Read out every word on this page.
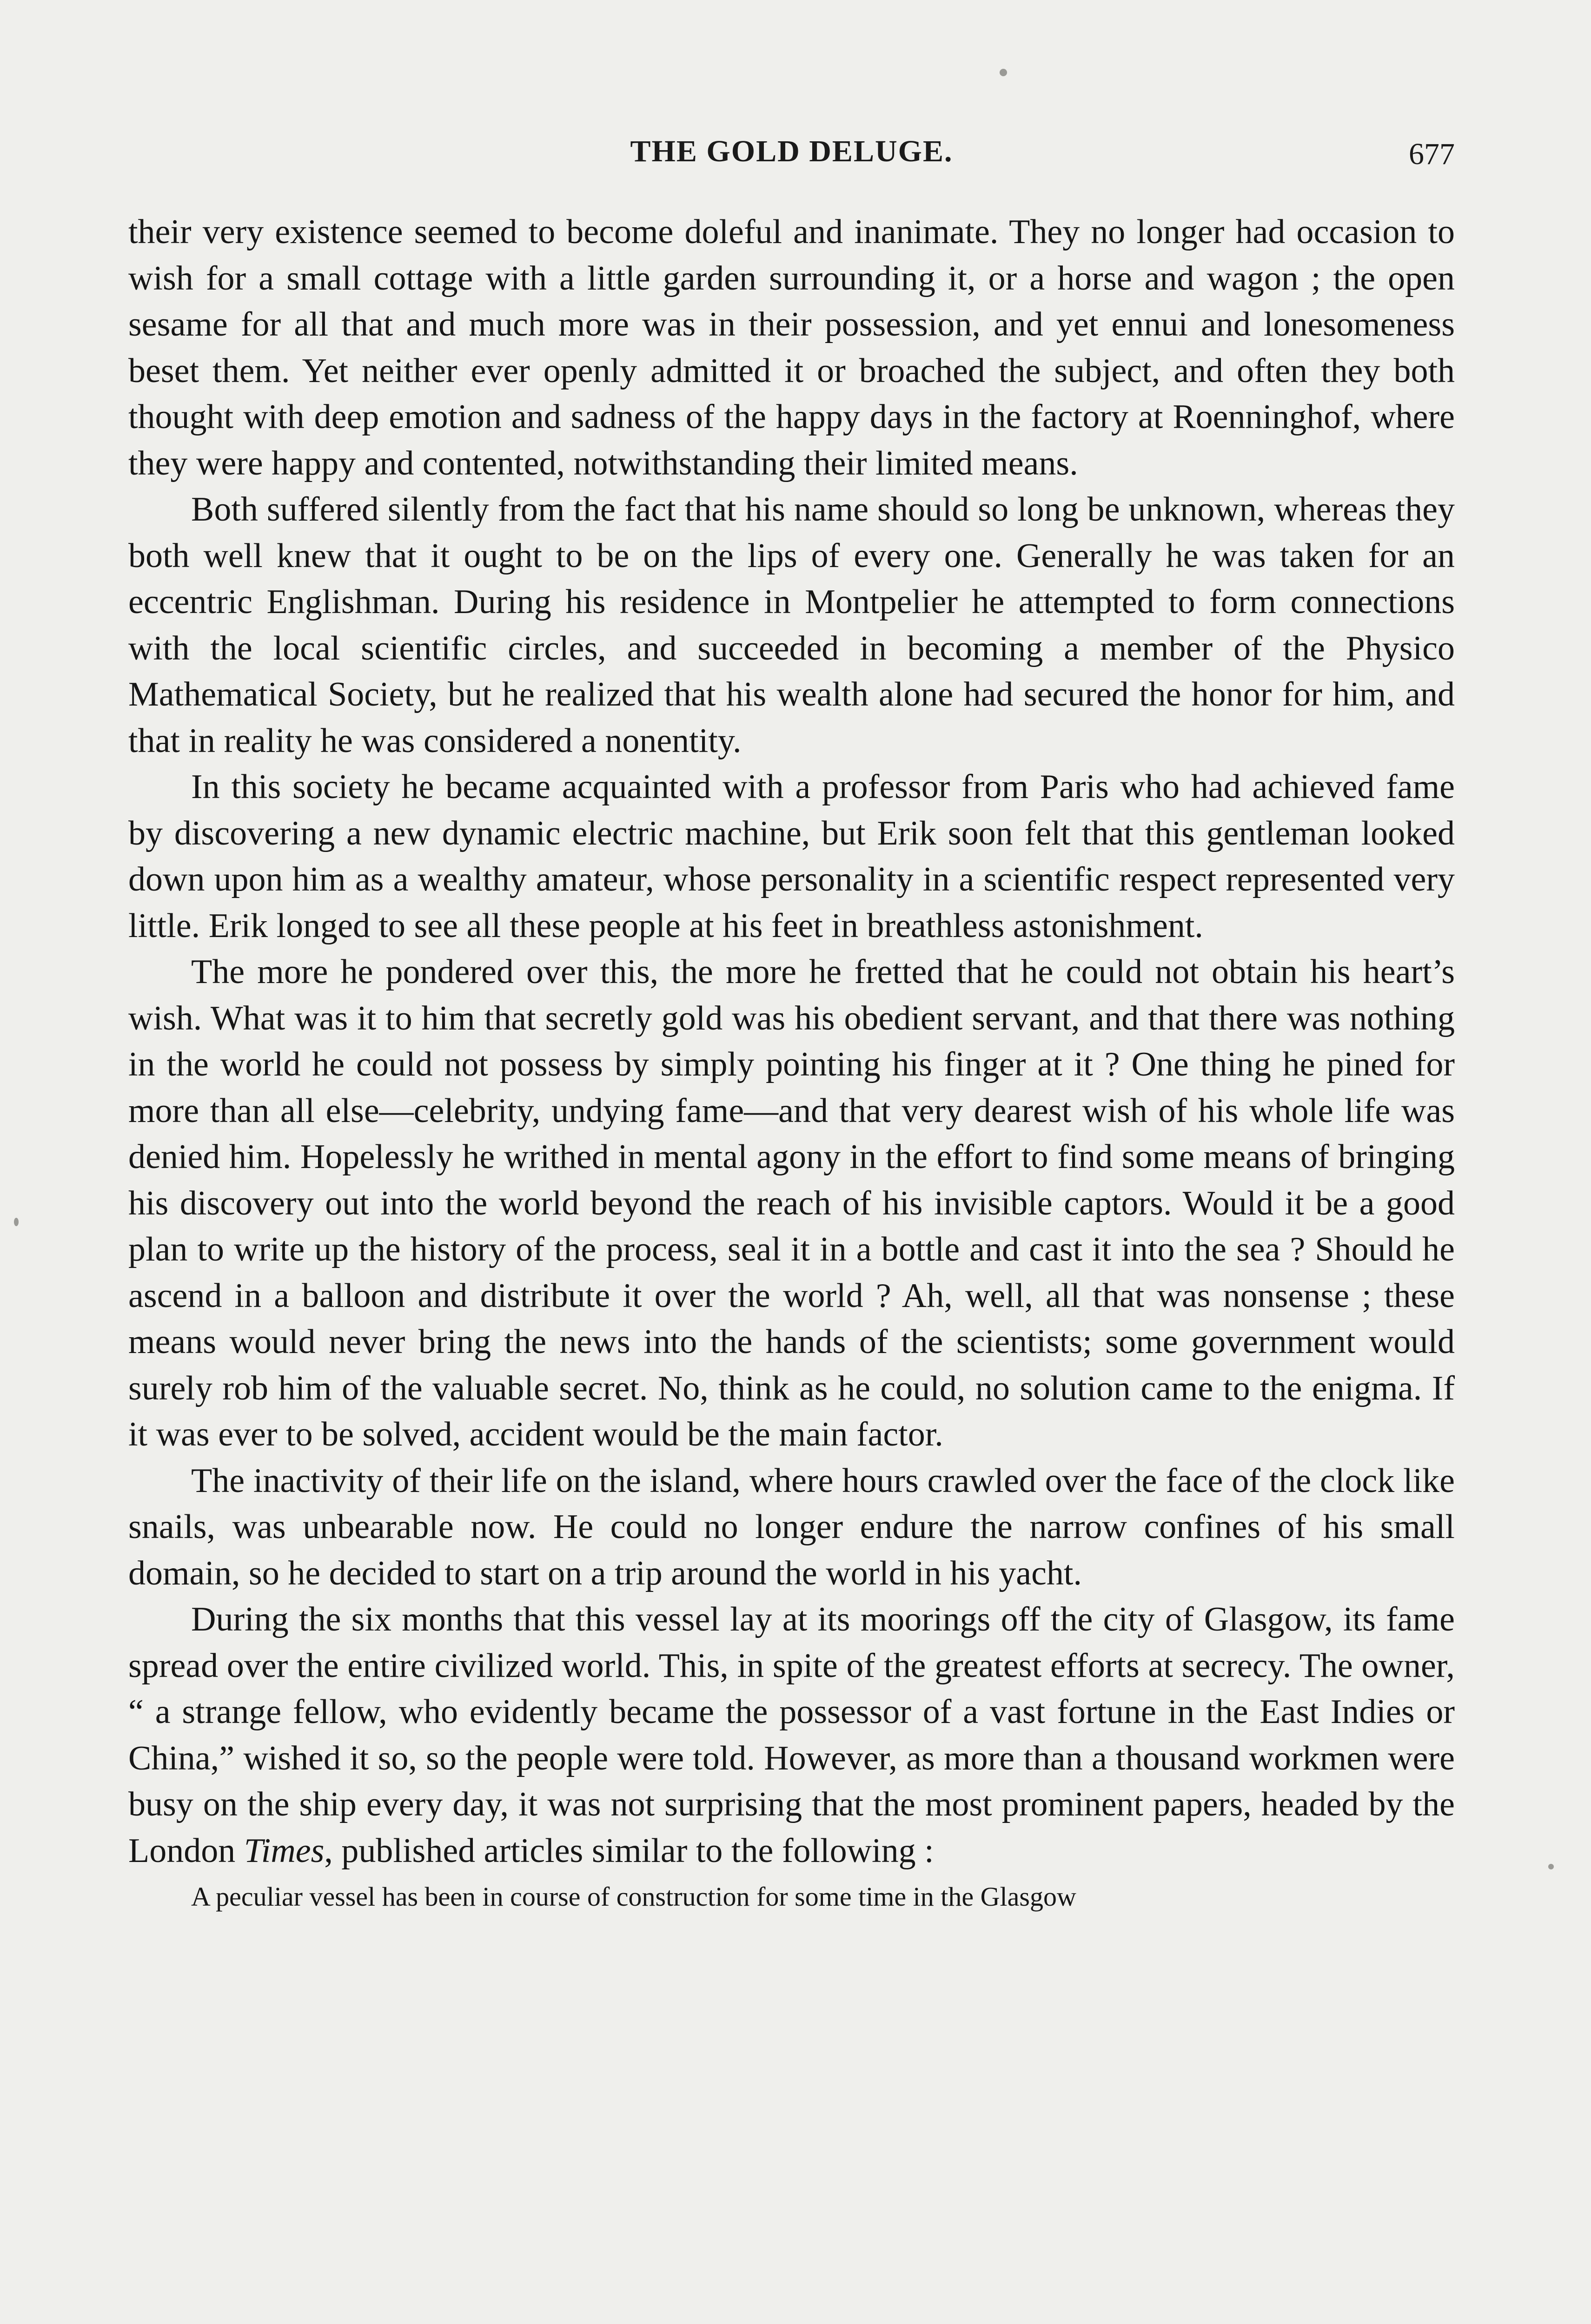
THE GOLD DELUGE.	677

their very existence seemed to become doleful and inanimate. They no longer had occasion to wish for a small cottage with a little garden surrounding it, or a horse and wagon ; the open sesame for all that and much more was in their possession, and yet ennui and lonesomeness beset them. Yet neither ever openly admitted it or broached the subject, and often they both thought with deep emotion and sadness of the happy days in the factory at Roenninghof, where they were happy and contented, notwithstanding their limited means.

Both suffered silently from the fact that his name should so long be unknown, whereas they both well knew that it ought to be on the lips of every one. Generally he was taken for an eccentric Englishman. During his residence in Montpelier he attempted to form connections with the local scientific circles, and succeeded in becoming a member of the Physico Mathematical Society, but he realized that his wealth alone had secured the honor for him, and that in reality he was considered a nonentity.

In this society he became acquainted with a professor from Paris who had achieved fame by discovering a new dynamic electric machine, but Erik soon felt that this gentleman looked down upon him as a wealthy amateur, whose personality in a scientific respect represented very little. Erik longed to see all these people at his feet in breathless astonishment.

The more he pondered over this, the more he fretted that he could not obtain his heart’s wish. What was it to him that secretly gold was his obedient servant, and that there was nothing in the world he could not possess by simply pointing his finger at it ? One thing he pined for more than all else—celebrity, undying fame—and that very dearest wish of his whole life was denied him. Hopelessly he writhed in mental agony in the effort to find some means of bringing his discovery out into the world beyond the reach of his invisible captors. Would it be a good plan to write up the history of the process, seal it in a bottle and cast it into the sea ? Should he ascend in a balloon and distribute it over the world ? Ah, well, all that was nonsense ; these means would never bring the news into the hands of the scientists; some government would surely rob him of the valuable secret. No, think as he could, no solution came to the enigma. If it was ever to be solved, accident would be the main factor.

The inactivity of their life on the island, where hours crawled over the face of the clock like snails, was unbearable now. He could no longer endure the narrow confines of his small domain, so he decided to start on a trip around the world in his yacht.

During the six months that this vessel lay at its moorings off the city of Glasgow, its fame spread over the entire civilized world. This, in spite of the greatest efforts at secrecy. The owner, “ a strange fellow, who evidently became the possessor of a vast fortune in the East Indies or China,” wished it so, so the people were told. However, as more than a thousand workmen were busy on the ship every day, it was not surprising that the most prominent papers, headed by the London Times, published articles similar to the following :

A peculiar vessel has been in course of construction for some time in the Glasgow
